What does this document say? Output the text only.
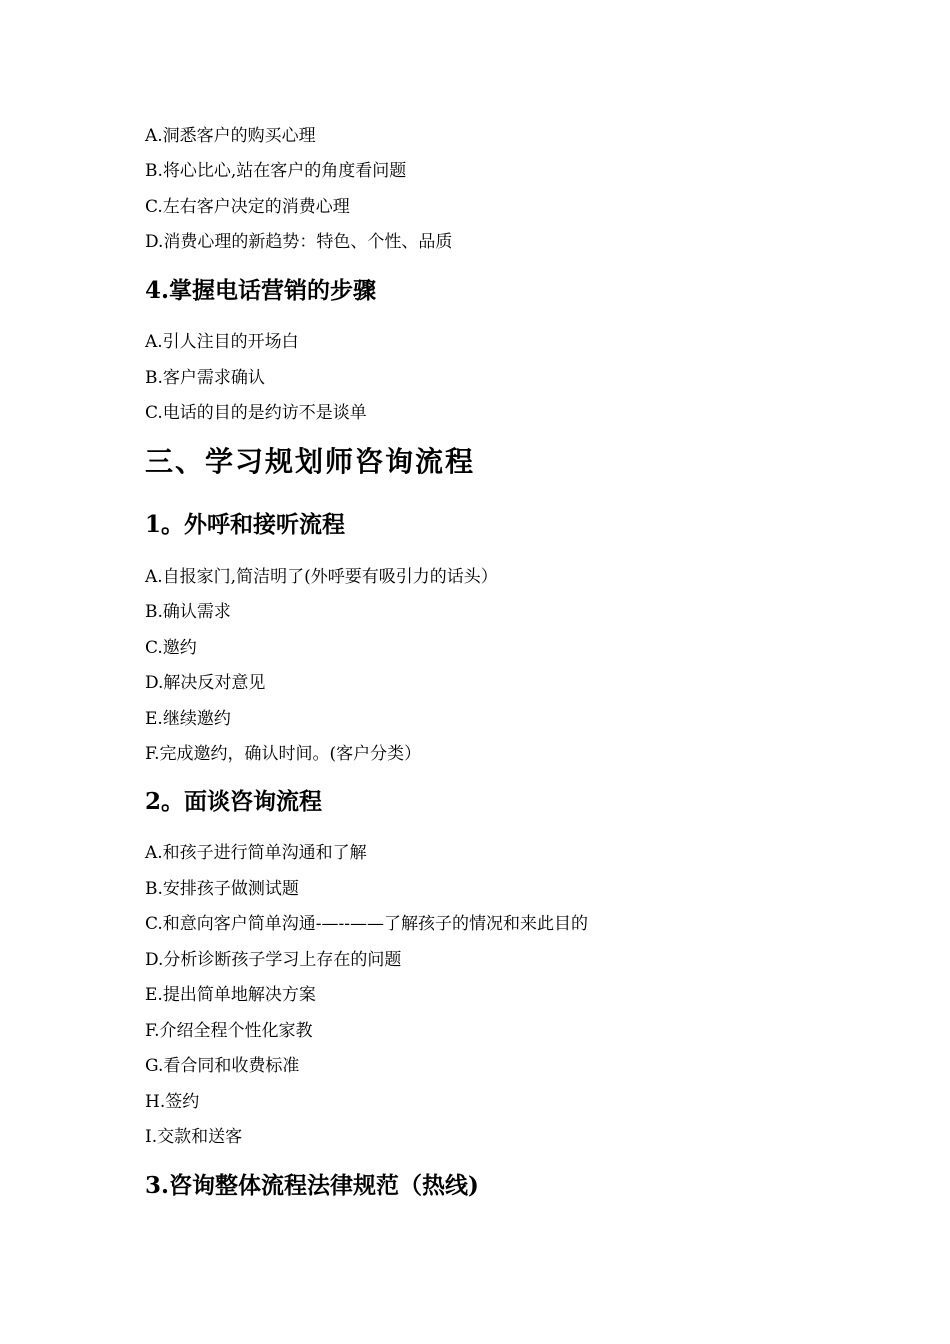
A.洞悉客户的购买心理
B.将心比心,站在客户的角度看问题
C.左右客户决定的消费心理
D.消费心理的新趋势：特色、个性、品质
4.掌握电话营销的步骤
A.引人注目的开场白
B.客户需求确认
C.电话的目的是约访不是谈单
三、学习规划师咨询流程
1。外呼和接听流程
A.自报家门,简洁明了(外呼要有吸引力的话头）
B.确认需求
C.邀约
D.解决反对意见
E.继续邀约
F.完成邀约，确认时间。(客户分类）
2。面谈咨询流程
A.和孩子进行简单沟通和了解
B.安排孩子做测试题
C.和意向客户简单沟通-—--——了解孩子的情况和来此目的
D.分析诊断孩子学习上存在的问题
E.提出简单地解决方案
F.介绍全程个性化家教
G.看合同和收费标准
H.签约
I.交款和送客
3.咨询整体流程法律规范（热线)
